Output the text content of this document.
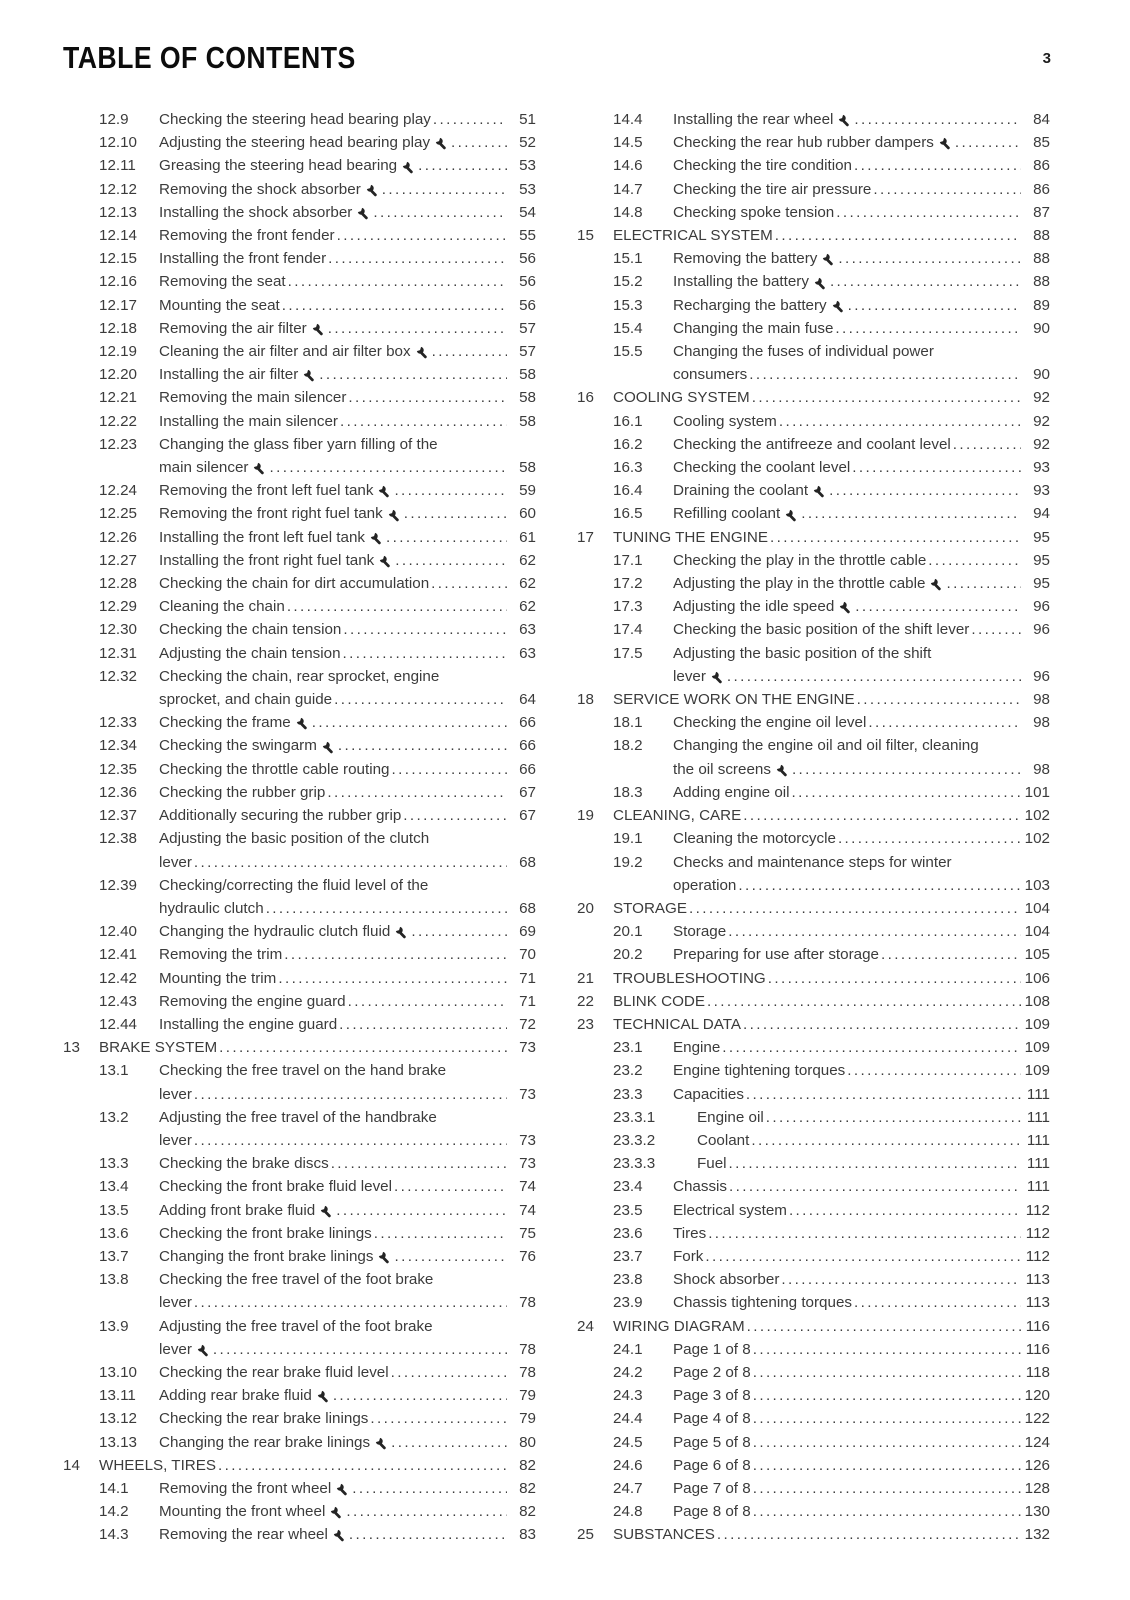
TABLE OF CONTENTS	3
12.9	Checking the steering head bearing play .....	51
12.10	Adjusting the steering head bearing play .....	52
12.11	Greasing the steering head bearing .....	53
12.12	Removing the shock absorber .....	53
12.13	Installing the shock absorber .....	54
12.14	Removing the front fender .....	55
12.15	Installing the front fender .....	56
12.16	Removing the seat .....	56
12.17	Mounting the seat .....	56
12.18	Removing the air filter .....	57
12.19	Cleaning the air filter and air filter box .....	57
12.20	Installing the air filter .....	58
12.21	Removing the main silencer .....	58
12.22	Installing the main silencer .....	58
12.23	Changing the glass fiber yarn filling of the
main silencer .....	58
12.24	Removing the front left fuel tank .....	59
12.25	Removing the front right fuel tank .....	60
12.26	Installing the front left fuel tank .....	61
12.27	Installing the front right fuel tank .....	62
12.28	Checking the chain for dirt accumulation .....	62
12.29	Cleaning the chain .....	62
12.30	Checking the chain tension .....	63
12.31	Adjusting the chain tension .....	63
12.32	Checking the chain, rear sprocket, engine
sprocket, and chain guide .....	64
12.33	Checking the frame .....	66
12.34	Checking the swingarm .....	66
12.35	Checking the throttle cable routing .....	66
12.36	Checking the rubber grip .....	67
12.37	Additionally securing the rubber grip .....	67
12.38	Adjusting the basic position of the clutch
lever .....	68
12.39	Checking/correcting the fluid level of the
hydraulic clutch .....	68
12.40	Changing the hydraulic clutch fluid .....	69
12.41	Removing the trim .....	70
12.42	Mounting the trim .....	71
12.43	Removing the engine guard .....	71
12.44	Installing the engine guard .....	72
13	BRAKE SYSTEM .....	73
13.1	Checking the free travel on the hand brake
lever .....	73
13.2	Adjusting the free travel of the handbrake
lever .....	73
13.3	Checking the brake discs .....	73
13.4	Checking the front brake fluid level .....	74
13.5	Adding front brake fluid .....	74
13.6	Checking the front brake linings .....	75
13.7	Changing the front brake linings .....	76
13.8	Checking the free travel of the foot brake
lever .....	78
13.9	Adjusting the free travel of the foot brake
lever .....	78
13.10	Checking the rear brake fluid level .....	78
13.11	Adding rear brake fluid .....	79
13.12	Checking the rear brake linings .....	79
13.13	Changing the rear brake linings .....	80
14	WHEELS, TIRES .....	82
14.1	Removing the front wheel .....	82
14.2	Mounting the front wheel .....	82
14.3	Removing the rear wheel .....	83
14.4	Installing the rear wheel .....	84
14.5	Checking the rear hub rubber dampers .....	85
14.6	Checking the tire condition .....	86
14.7	Checking the tire air pressure .....	86
14.8	Checking spoke tension .....	87
15	ELECTRICAL SYSTEM .....	88
15.1	Removing the battery .....	88
15.2	Installing the battery .....	88
15.3	Recharging the battery .....	89
15.4	Changing the main fuse .....	90
15.5	Changing the fuses of individual power
consumers .....	90
16	COOLING SYSTEM .....	92
16.1	Cooling system .....	92
16.2	Checking the antifreeze and coolant level .....	92
16.3	Checking the coolant level .....	93
16.4	Draining the coolant .....	93
16.5	Refilling coolant .....	94
17	TUNING THE ENGINE .....	95
17.1	Checking the play in the throttle cable .....	95
17.2	Adjusting the play in the throttle cable .....	95
17.3	Adjusting the idle speed .....	96
17.4	Checking the basic position of the shift lever .....	96
17.5	Adjusting the basic position of the shift
lever .....	96
18	SERVICE WORK ON THE ENGINE .....	98
18.1	Checking the engine oil level .....	98
18.2	Changing the engine oil and oil filter, cleaning
the oil screens .....	98
18.3	Adding engine oil .....	101
19	CLEANING, CARE .....	102
19.1	Cleaning the motorcycle .....	102
19.2	Checks and maintenance steps for winter
operation .....	103
20	STORAGE .....	104
20.1	Storage .....	104
20.2	Preparing for use after storage .....	105
21	TROUBLESHOOTING .....	106
22	BLINK CODE .....	108
23	TECHNICAL DATA .....	109
23.1	Engine .....	109
23.2	Engine tightening torques .....	109
23.3	Capacities .....	111
23.3.1	Engine oil .....	111
23.3.2	Coolant .....	111
23.3.3	Fuel .....	111
23.4	Chassis .....	111
23.5	Electrical system .....	112
23.6	Tires .....	112
23.7	Fork .....	112
23.8	Shock absorber .....	113
23.9	Chassis tightening torques .....	113
24	WIRING DIAGRAM .....	116
24.1	Page 1 of 8 .....	116
24.2	Page 2 of 8 .....	118
24.3	Page 3 of 8 .....	120
24.4	Page 4 of 8 .....	122
24.5	Page 5 of 8 .....	124
24.6	Page 6 of 8 .....	126
24.7	Page 7 of 8 .....	128
24.8	Page 8 of 8 .....	130
25	SUBSTANCES .....	132
